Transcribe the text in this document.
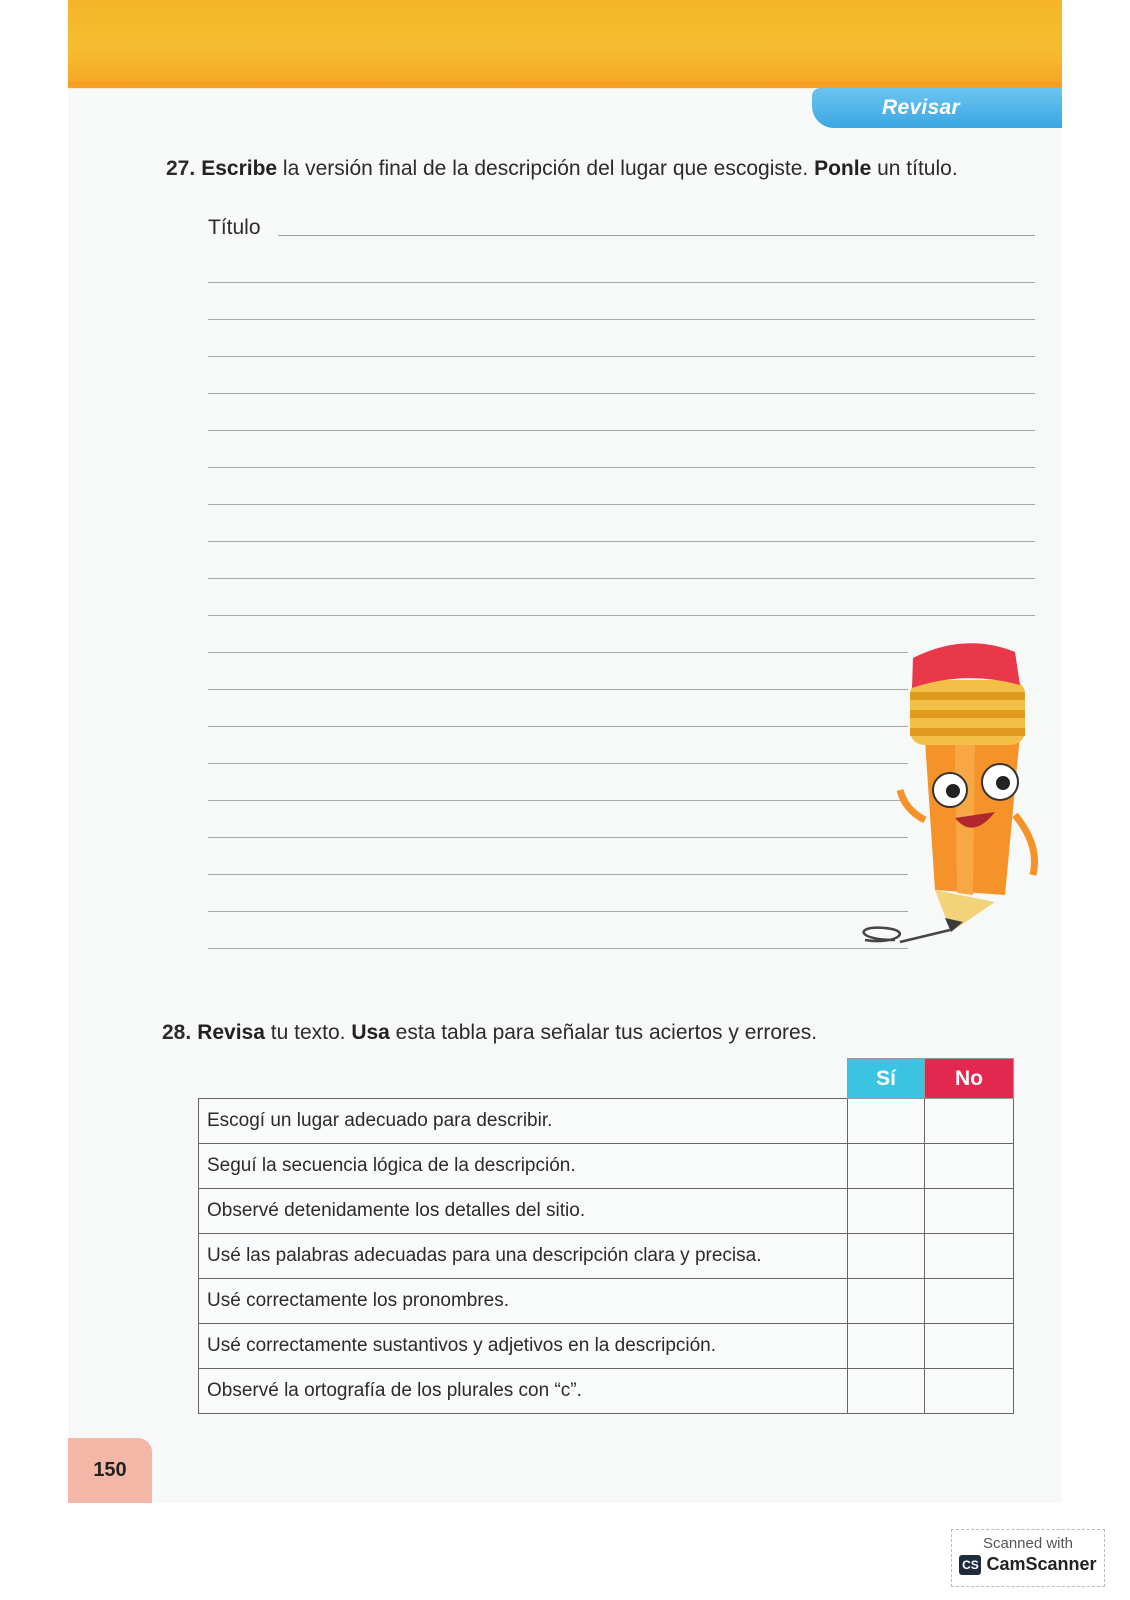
Revisar
27. Escribe la versión final de la descripción del lugar que escogiste. Ponle un título.
Título
28. Revisa tu texto. Usa esta tabla para señalar tus aciertos y errores.
	Sí	No
Escogí un lugar adecuado para describir.		
Seguí la secuencia lógica de la descripción.		
Observé detenidamente los detalles del sitio.		
Usé las palabras adecuadas para una descripción clara y precisa.		
Usé correctamente los pronombres.		
Usé correctamente sustantivos y adjetivos en la descripción.		
Observé la ortografía de los plurales con “c”.		
150
Scanned with
CS CamScanner
